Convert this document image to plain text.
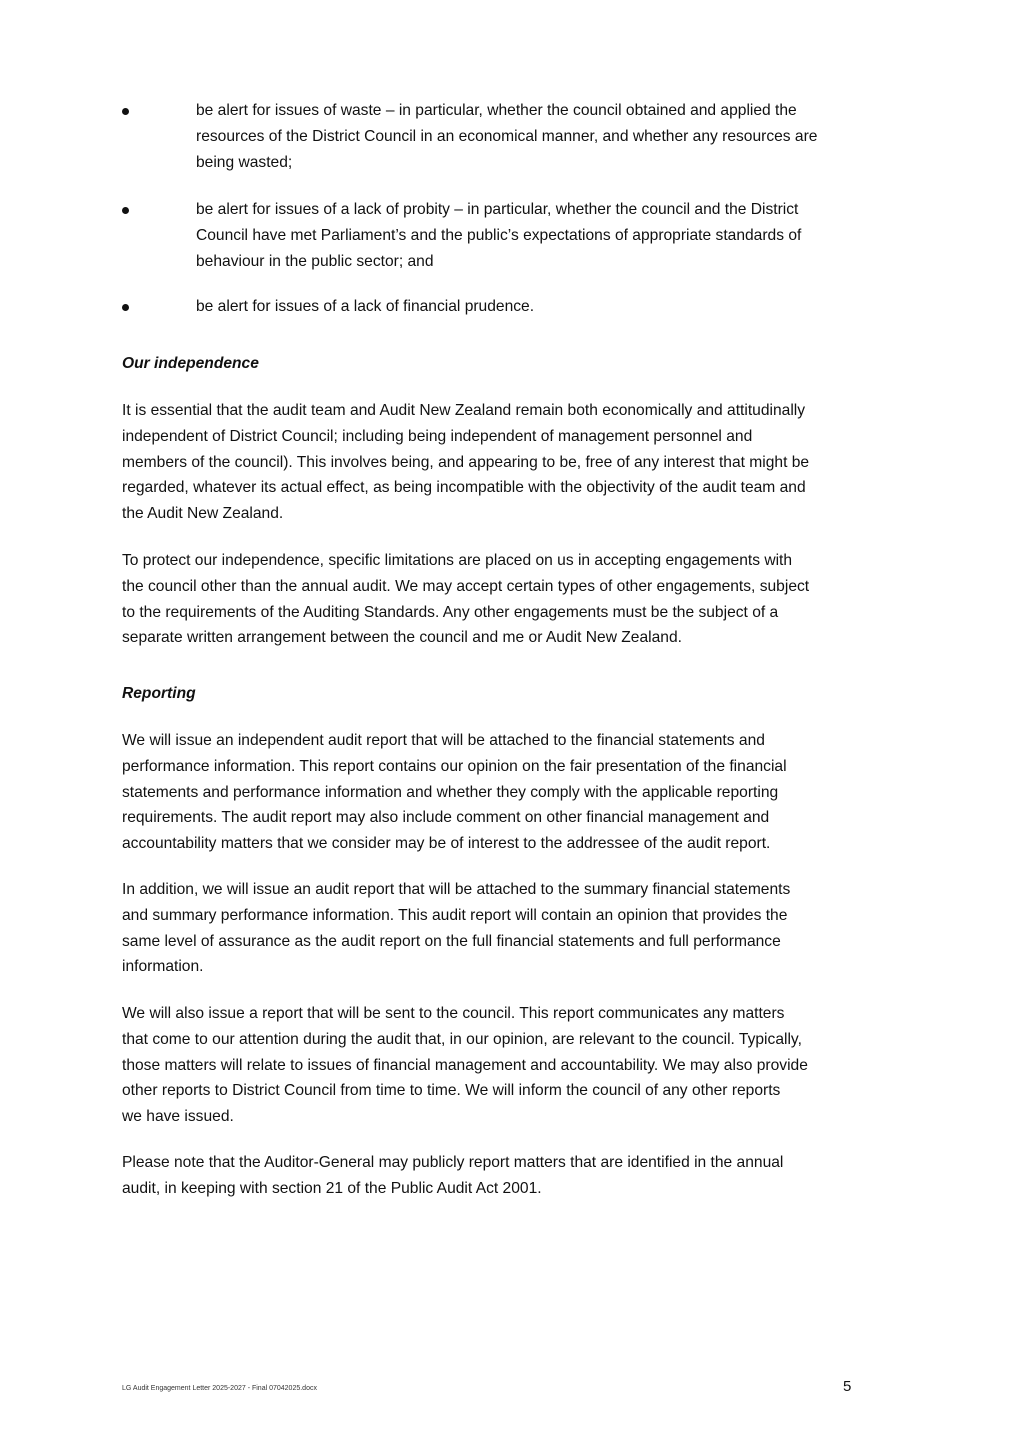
be alert for issues of waste – in particular, whether the council obtained and applied the
resources of the District Council in an economical manner, and whether any resources are
being wasted;
be alert for issues of a lack of probity – in particular, whether the council and the District
Council have met Parliament’s and the public’s expectations of appropriate standards of
behaviour in the public sector; and
be alert for issues of a lack of financial prudence.
Our independence
It is essential that the audit team and Audit New Zealand remain both economically and attitudinally
independent of District Council; including being independent of management personnel and
members of the council). This involves being, and appearing to be, free of any interest that might be
regarded, whatever its actual effect, as being incompatible with the objectivity of the audit team and
the Audit New Zealand.
To protect our independence, specific limitations are placed on us in accepting engagements with
the council other than the annual audit. We may accept certain types of other engagements, subject
to the requirements of the Auditing Standards. Any other engagements must be the subject of a
separate written arrangement between the council and me or Audit New Zealand.
Reporting
We will issue an independent audit report that will be attached to the financial statements and
performance information. This report contains our opinion on the fair presentation of the financial
statements and performance information and whether they comply with the applicable reporting
requirements. The audit report may also include comment on other financial management and
accountability matters that we consider may be of interest to the addressee of the audit report.
In addition, we will issue an audit report that will be attached to the summary financial statements
and summary performance information. This audit report will contain an opinion that provides the
same level of assurance as the audit report on the full financial statements and full performance
information.
We will also issue a report that will be sent to the council. This report communicates any matters
that come to our attention during the audit that, in our opinion, are relevant to the council. Typically,
those matters will relate to issues of financial management and accountability. We may also provide
other reports to District Council from time to time. We will inform the council of any other reports
we have issued.
Please note that the Auditor-General may publicly report matters that are identified in the annual
audit, in keeping with section 21 of the Public Audit Act 2001.
LG Audit Engagement Letter 2025-2027 - Final 07042025.docx	5
